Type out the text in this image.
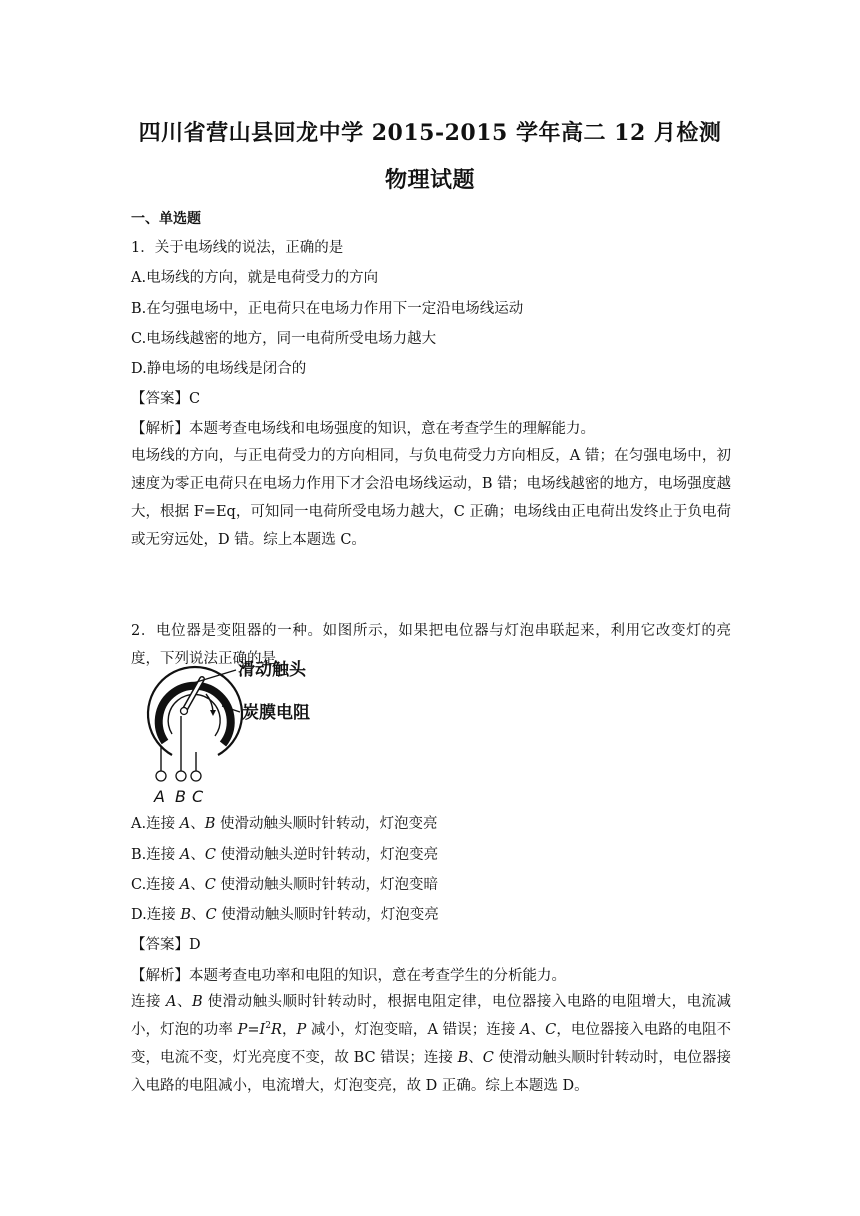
四川省营山县回龙中学 2015-2015 学年高二 12 月检测
物理试题
一、单选题
1．关于电场线的说法，正确的是
A.电场线的方向，就是电荷受力的方向
B.在匀强电场中，正电荷只在电场力作用下一定沿电场线运动
C.电场线越密的地方，同一电荷所受电场力越大
D.静电场的电场线是闭合的
【答案】C
【解析】本题考查电场线和电场强度的知识，意在考查学生的理解能力。
电场线的方向，与正电荷受力的方向相同，与负电荷受力方向相反，A 错；在匀强电场中，初速度为零正电荷只在电场力作用下才会沿电场线运动，B 错；电场线越密的地方，电场强度越大，根据 F=Eq，可知同一电荷所受电场力越大，C 正确；电场线由正电荷出发终止于负电荷或无穷远处，D 错。综上本题选 C。
2．电位器是变阻器的一种。如图所示，如果把电位器与灯泡串联起来，利用它改变灯的亮度，下列说法正确的是
滑动触头
炭膜电阻
A B C
A.连接 A、B 使滑动触头顺时针转动，灯泡变亮
B.连接 A、C 使滑动触头逆时针转动，灯泡变亮
C.连接 A、C 使滑动触头顺时针转动，灯泡变暗
D.连接 B、C 使滑动触头顺时针转动，灯泡变亮
【答案】D
【解析】本题考查电功率和电阻的知识，意在考查学生的分析能力。
连接 A、B 使滑动触头顺时针转动时，根据电阻定律，电位器接入电路的电阻增大，电流减小，灯泡的功率 $P=I^2R$，P 减小，灯泡变暗，A 错误；连接 A、C，电位器接入电路的电阻不变，电流不变，灯光亮度不变，故 BC 错误；连接 B、C 使滑动触头顺时针转动时，电位器接入电路的电阻减小，电流增大，灯泡变亮，故 D 正确。综上本题选 D。
